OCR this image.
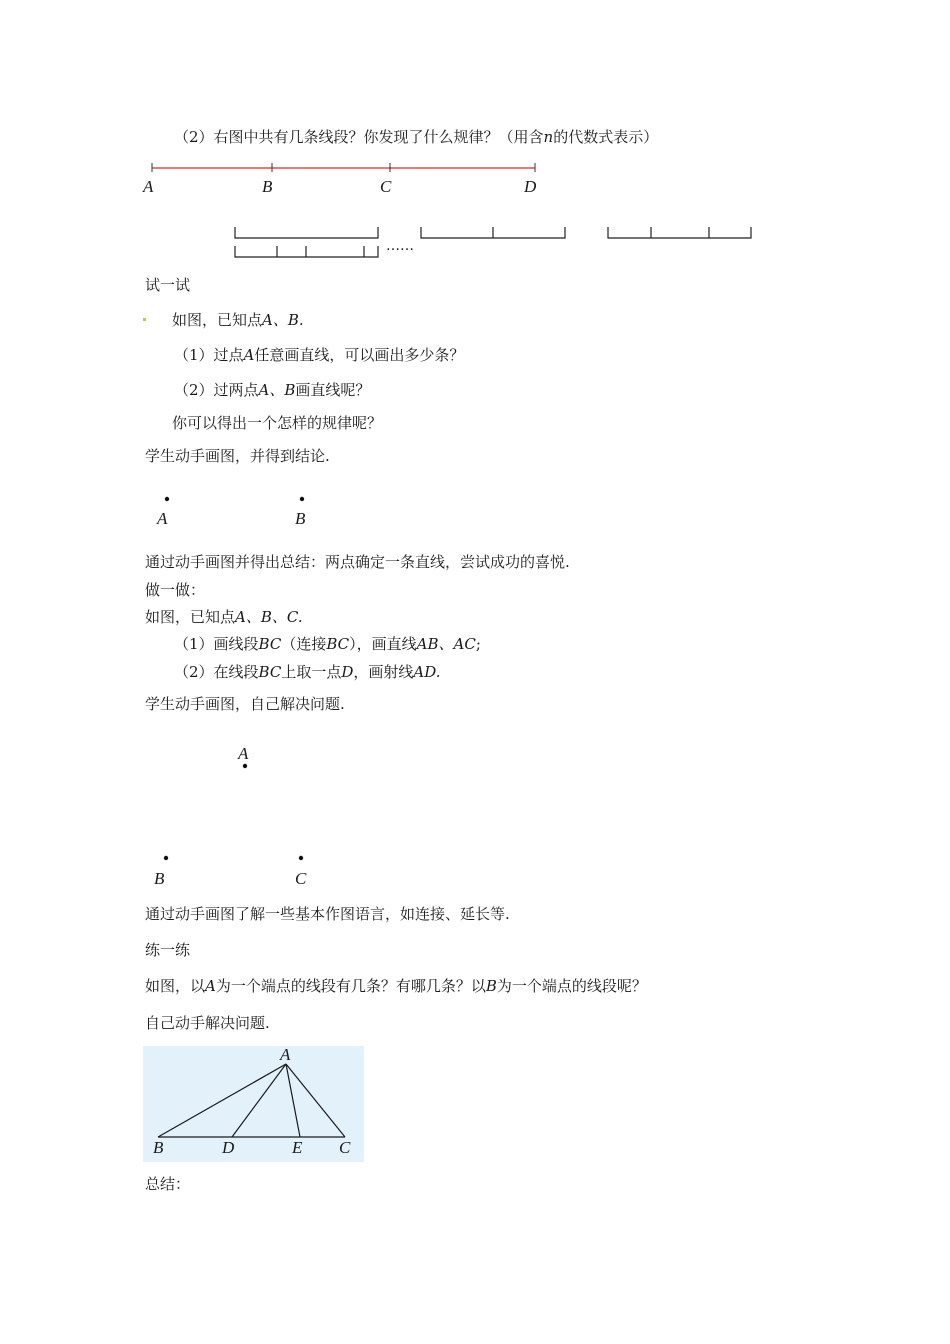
（2）右图中共有几条线段？你发现了什么规律？（用含n的代数式表示）
A	B	C	D
……
试一试
如图，已知点A、B.
（1）过点A任意画直线，可以画出多少条？
（2）过两点A、B画直线呢？
你可以得出一个怎样的规律呢？
学生动手画图，并得到结论.
A	B
通过动手画图并得出总结：两点确定一条直线，尝试成功的喜悦.
做一做：
如图，已知点A、B、C.
（1）画线段BC（连接BC），画直线AB、AC;
（2）在线段BC上取一点D，画射线AD.
学生动手画图，自己解决问题.
A
B	C
通过动手画图了解一些基本作图语言，如连接、延长等.
练一练
如图，以A为一个端点的线段有几条？有哪几条？以B为一个端点的线段呢？
自己动手解决问题.
A
B	D	E C
总结：
